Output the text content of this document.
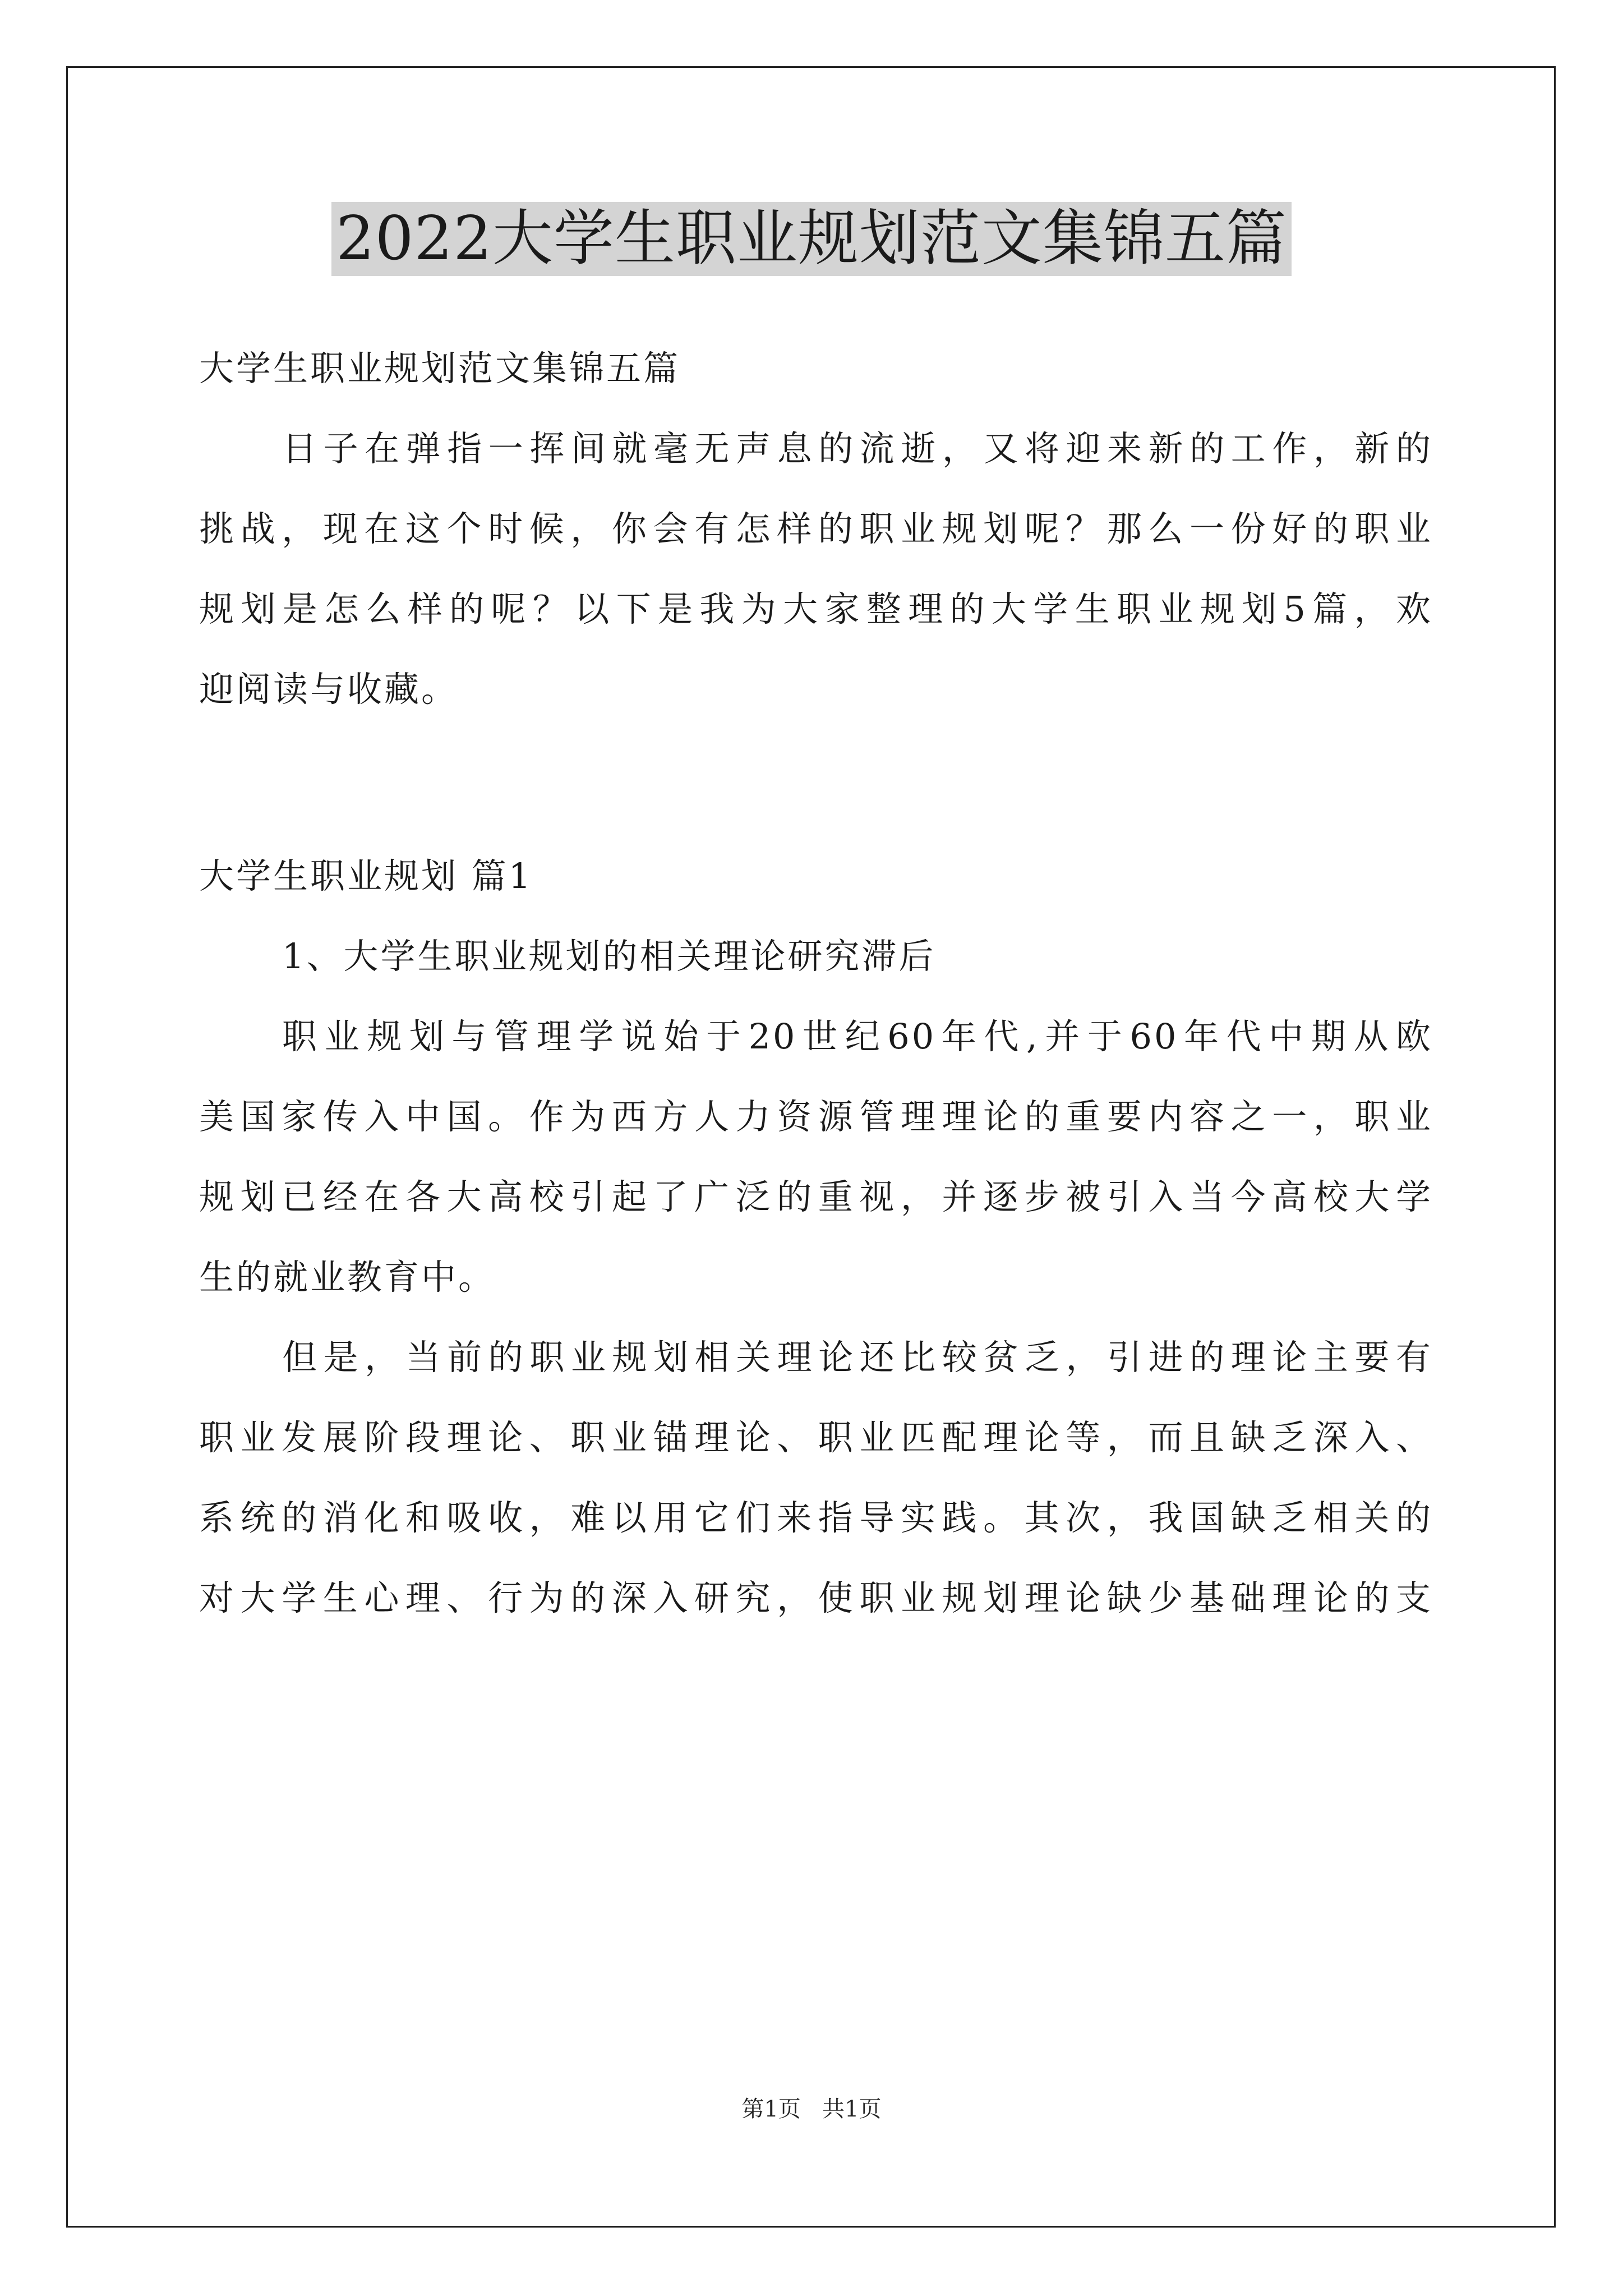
2022大学生职业规划范文集锦五篇
大学生职业规划范文集锦五篇
日子在弹指一挥间就毫无声息的流逝，又将迎来新的工作，新的
挑战，现在这个时候，你会有怎样的职业规划呢？那么一份好的职业
规划是怎么样的呢？以下是我为大家整理的大学生职业规划5篇，欢
迎阅读与收藏。
大学生职业规划 篇1
1、大学生职业规划的相关理论研究滞后
职业规划与管理学说始于20世纪60年代,并于60年代中期从欧
美国家传入中国。作为西方人力资源管理理论的重要内容之一，职业
规划已经在各大高校引起了广泛的重视，并逐步被引入当今高校大学
生的就业教育中。
但是，当前的职业规划相关理论还比较贫乏，引进的理论主要有
职业发展阶段理论、职业锚理论、职业匹配理论等，而且缺乏深入、
系统的消化和吸收，难以用它们来指导实践。其次，我国缺乏相关的
对大学生心理、行为的深入研究，使职业规划理论缺少基础理论的支
第1页   共1页
